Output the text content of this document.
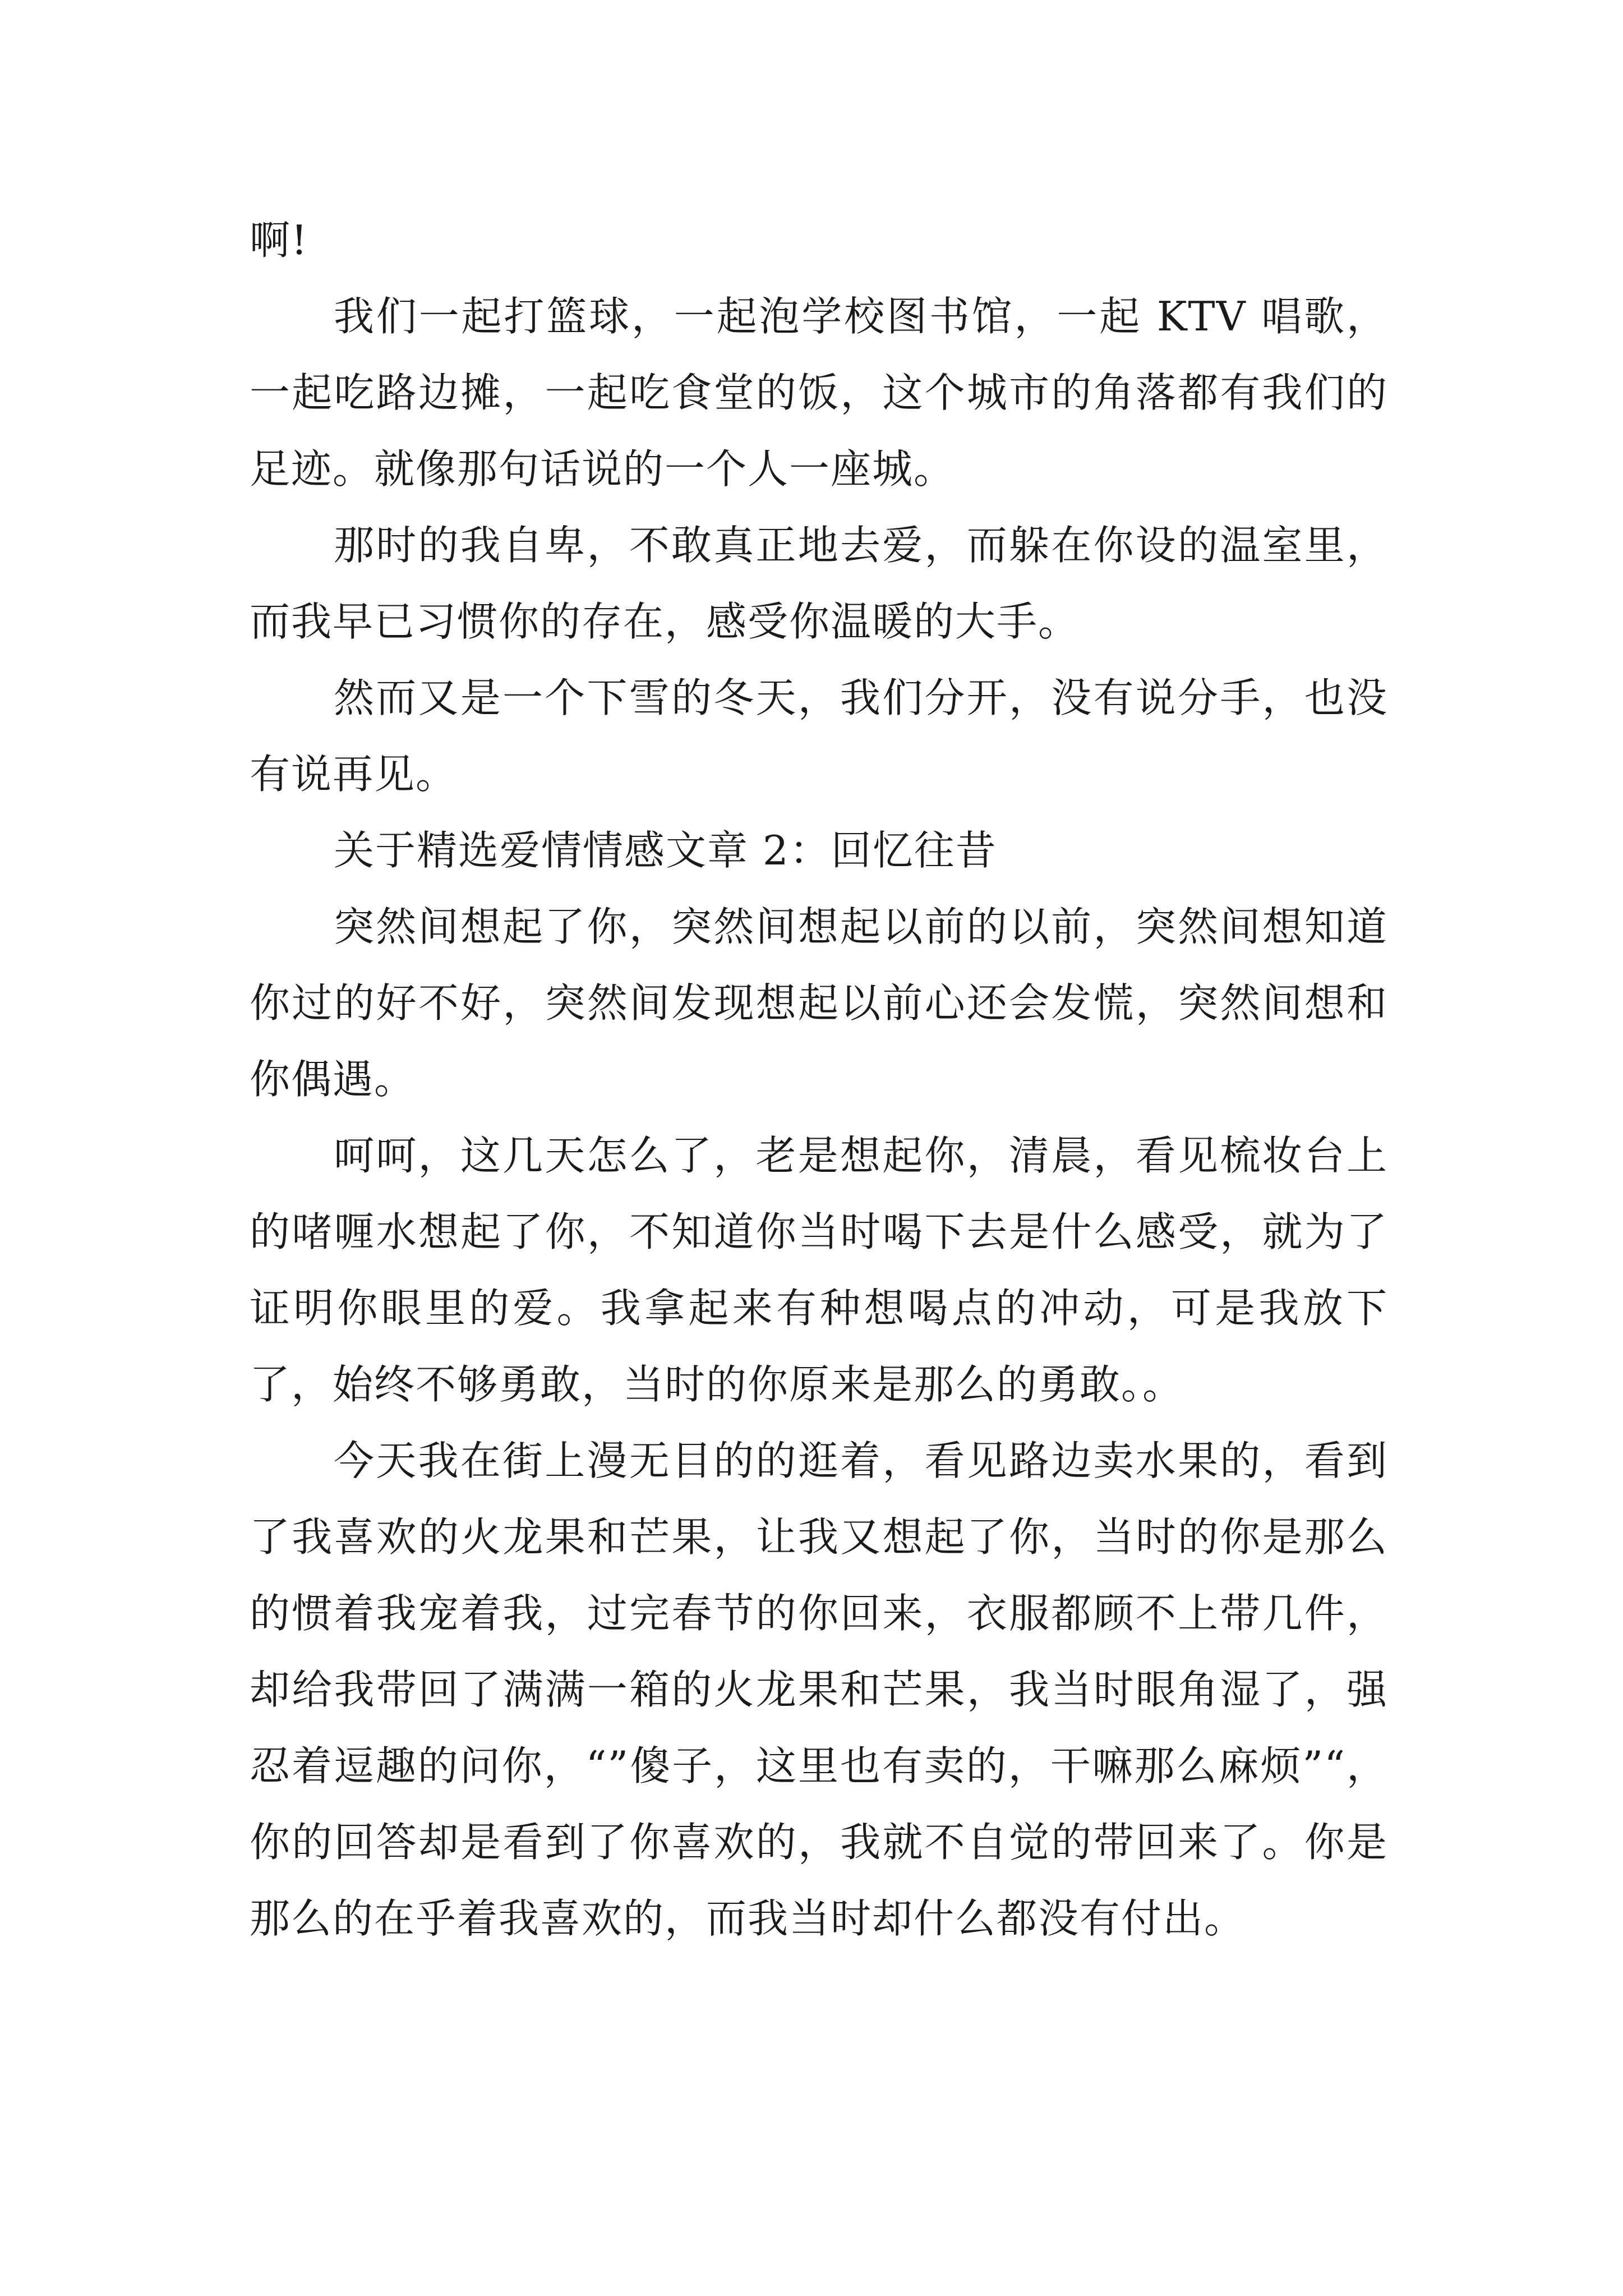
啊!

我们一起打篮球，一起泡学校图书馆，一起 KTV 唱歌，一起吃路边摊，一起吃食堂的饭，这个城市的角落都有我们的足迹。就像那句话说的一个人一座城。

那时的我自卑，不敢真正地去爱，而躲在你设的温室里，而我早已习惯你的存在，感受你温暖的大手。

然而又是一个下雪的冬天，我们分开，没有说分手，也没有说再见。

关于精选爱情情感文章 2：回忆往昔

突然间想起了你，突然间想起以前的以前，突然间想知道你过的好不好，突然间发现想起以前心还会发慌，突然间想和你偶遇。

呵呵，这几天怎么了，老是想起你，清晨，看见梳妆台上的啫喱水想起了你，不知道你当时喝下去是什么感受，就为了证明你眼里的爱。我拿起来有种想喝点的冲动，可是我放下了，始终不够勇敢，当时的你原来是那么的勇敢。。

今天我在街上漫无目的的逛着，看见路边卖水果的，看到了我喜欢的火龙果和芒果，让我又想起了你，当时的你是那么的惯着我宠着我，过完春节的你回来，衣服都顾不上带几件，却给我带回了满满一箱的火龙果和芒果，我当时眼角湿了，强忍着逗趣的问你，“”傻子，这里也有卖的，干嘛那么麻烦”“，你的回答却是看到了你喜欢的，我就不自觉的带回来了。你是那么的在乎着我喜欢的，而我当时却什么都没有付出。
